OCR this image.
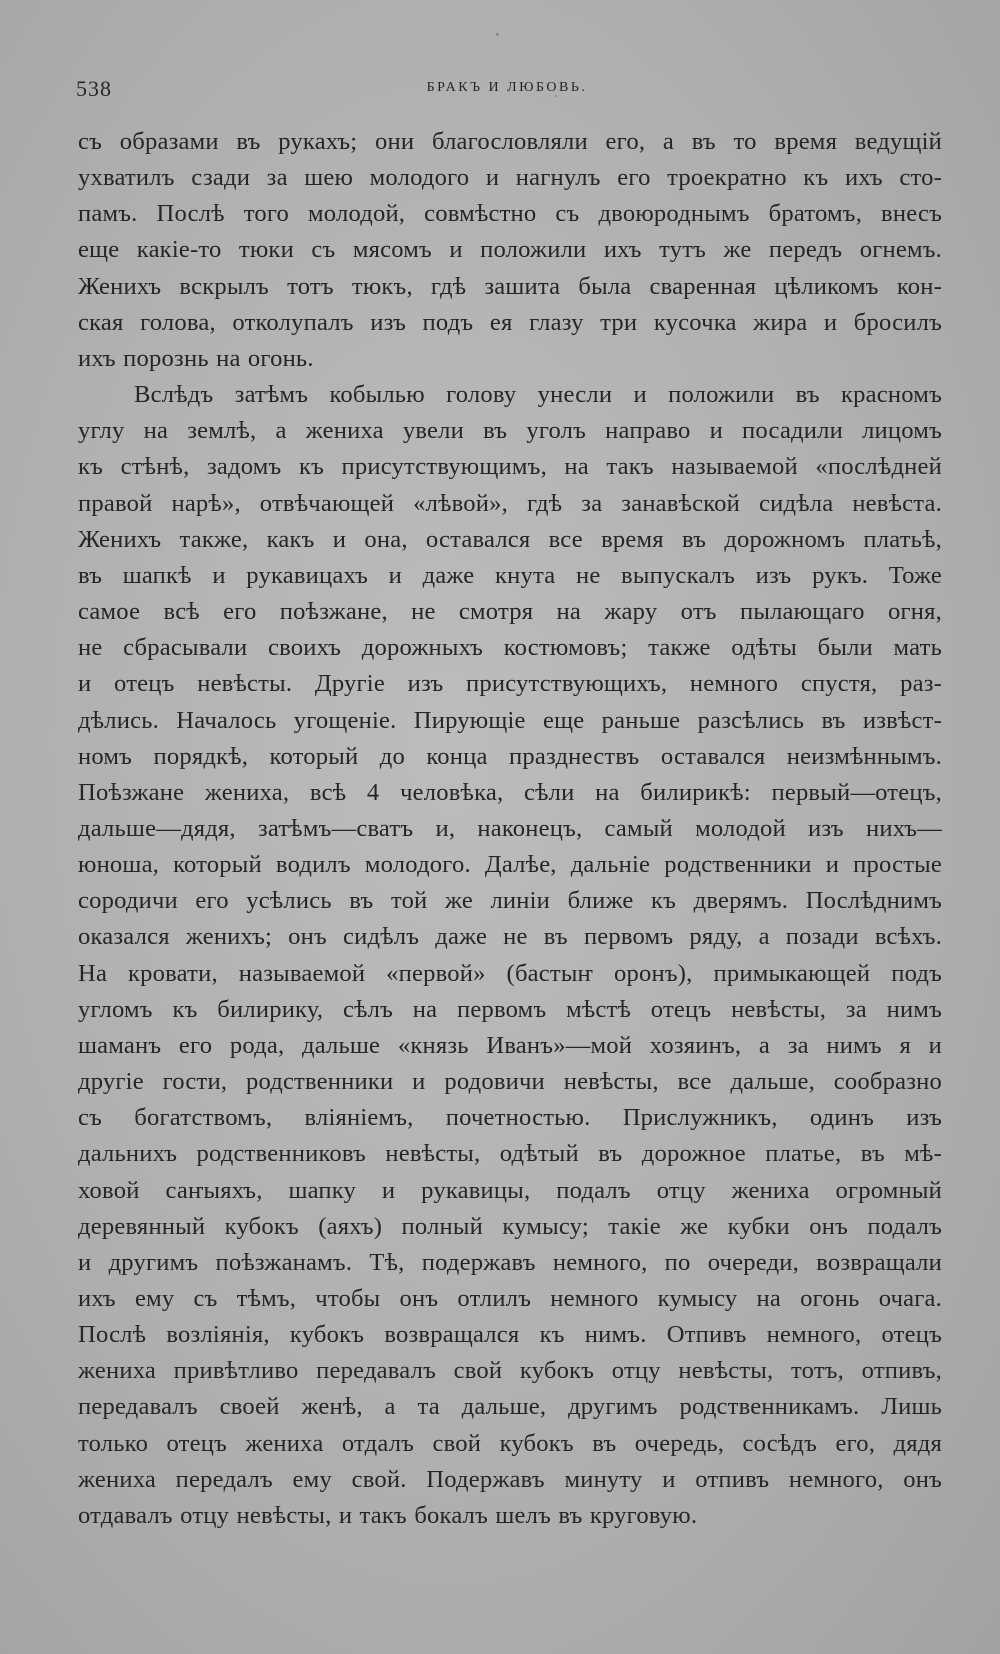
538	БРАКЪ И ЛЮБОВЬ.

съ образами въ рукахъ; они благословляли его, а въ то время ведущій

ухватилъ сзади за шею молодого и нагнулъ его троекратно къ ихъ сто-

памъ. Послѣ того молодой, совмѣстно съ двоюроднымъ братомъ, внесъ

еще какіе-то тюки съ мясомъ и положили ихъ тутъ же передъ огнемъ.

Женихъ вскрылъ тотъ тюкъ, гдѣ зашита была сваренная цѣликомъ кон-

ская голова, отколупалъ изъ подъ ея глазу три кусочка жира и бросилъ

ихъ порознь на огонь.

Вслѣдъ затѣмъ кобылью голову унесли и положили въ красномъ

углу на землѣ, а жениха увели въ уголъ направо и посадили лицомъ

къ стѣнѣ, задомъ къ присутствующимъ, на такъ называемой «послѣдней

правой нарѣ», отвѣчающей «лѣвой», гдѣ за занавѣской сидѣла невѣста.

Женихъ также, какъ и она, оставался все время въ дорожномъ платьѣ,

въ шапкѣ и рукавицахъ и даже кнута не выпускалъ изъ рукъ. Тоже

самое всѣ его поѣзжане, не смотря на жару отъ пылающаго огня,

не сбрасывали своихъ дорожныхъ костюмовъ; также одѣты были мать

и отецъ невѣсты. Другіе изъ присутствующихъ, немного спустя, раз-

дѣлись. Началось угощеніе. Пирующіе еще раньше разсѣлись въ извѣст-

номъ порядкѣ, который до конца празднествъ оставался неизмѣннымъ.

Поѣзжане жениха, всѣ 4 человѣка, сѣли на билирикѣ: первый—отецъ,

дальше—дядя, затѣмъ—сватъ и, наконецъ, самый молодой изъ нихъ—

юноша, который водилъ молодого. Далѣе, дальніе родственники и простые

сородичи его усѣлись въ той же линіи ближе къ дверямъ. Послѣднимъ

оказался женихъ; онъ сидѣлъ даже не въ первомъ ряду, а позади всѣхъ.

На кровати, называемой «первой» (бастыҥ оронъ), примыкающей подъ

угломъ къ билирику, сѣлъ на первомъ мѣстѣ отецъ невѣсты, за нимъ

шаманъ его рода, дальше «князь Иванъ»—мой хозяинъ, а за нимъ я и

другіе гости, родственники и родовичи невѣсты, все дальше, сообразно

съ богатствомъ, вліяніемъ, почетностью. Прислужникъ, одинъ изъ

дальнихъ родственниковъ невѣсты, одѣтый въ дорожное платье, въ мѣ-

ховой саҥыяхъ, шапку и рукавицы, подалъ отцу жениха огромный

деревянный кубокъ (аяхъ) полный кумысу; такіе же кубки онъ подалъ

и другимъ поѣзжанамъ. Тѣ, подержавъ немного, по очереди, возвращали

ихъ ему съ тѣмъ, чтобы онъ отлилъ немного кумысу на огонь очага.

Послѣ возліянія, кубокъ возвращался къ нимъ. Отпивъ немного, отецъ

жениха привѣтливо передавалъ свой кубокъ отцу невѣсты, тотъ, отпивъ,

передавалъ своей женѣ, а та дальше, другимъ родственникамъ. Лишь

только отецъ жениха отдалъ свой кубокъ въ очередь, сосѣдъ его, дядя

жениха передалъ ему свой. Подержавъ минуту и отпивъ немного, онъ

отдавалъ отцу невѣсты, и такъ бокалъ шелъ въ круговую.
